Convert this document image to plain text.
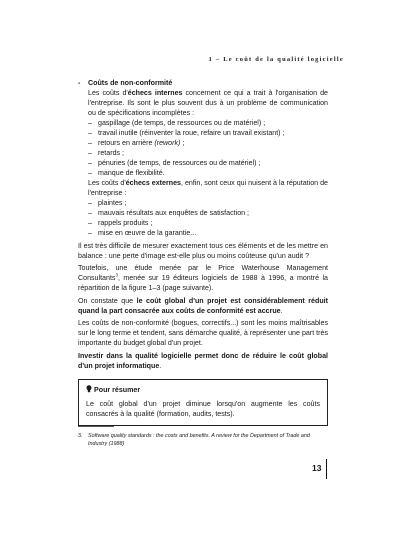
1 – Le coût de la qualité logicielle
-	Coûts de non-conformité

Les coûts d'échecs internes concernent ce qui a trait à l'organisation de l'entreprise. Ils sont le plus souvent dus à un problème de communication ou de spécifications incomplètes :

– gaspillage (de temps, de ressources ou de matériel) ;
– travail inutile (réinventer la roue, refaire un travail existant) ;
– retours en arrière (rework) ;
– retards ;
– pénuries (de temps, de ressources ou de matériel) ;
– manque de flexibilité.

Les coûts d'échecs externes, enfin, sont ceux qui nuisent à la réputation de l'entreprise :

– plaintes ;
– mauvais résultats aux enquêtes de satisfaction ;
– rappels produits ;
– mise en œuvre de la garantie...

Il est très difficile de mesurer exactement tous ces éléments et de les mettre en balance : une perte d'image est-elle plus ou moins coûteuse qu'un audit ?

Toutefois, une étude menée par le Price Waterhouse Management Consultants$^3$, menée sur 19 éditeurs logiciels de 1988 à 1996, a montré la répartition de la figure 1–3 (page suivante).

On constate que le coût global d'un projet est considérablement réduit quand la part consacrée aux coûts de conformité est accrue.

Les coûts de non-conformité (bogues, correctifs...) sont les moins maîtrisables sur le long terme et tendent, sans démarche qualité, à représenter une part très importante du budget global d'un projet.

Investir dans la qualité logicielle permet donc de réduire le coût global d'un projet informatique.

Pour résumer

Le coût global d'un projet diminue lorsqu'on augmente les coûts consacrés à la qualité (formation, audits, tests).

3.	Software quality standards : the costs and benefits. A review for the Department of Trade and Industry (1988)
13
